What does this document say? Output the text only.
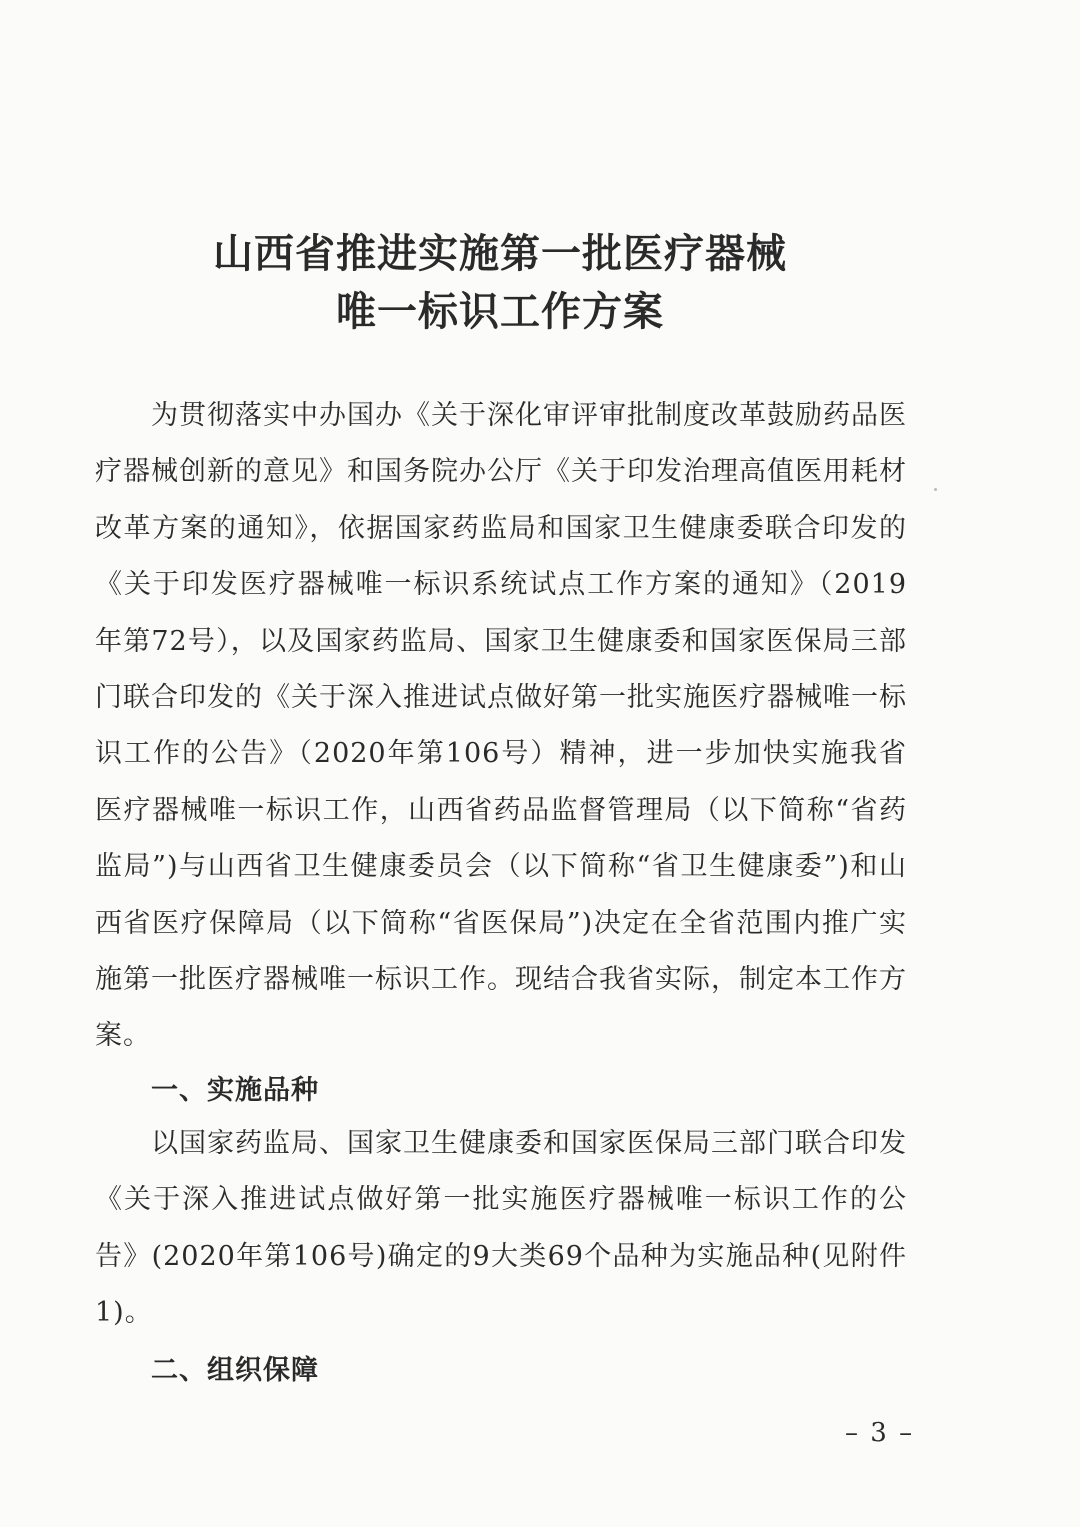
山西省推进实施第一批医疗器械
唯一标识工作方案
为贯彻落实中办国办《关于深化审评审批制度改革鼓励药品医疗器械创新的意见》和国务院办公厅《关于印发治理高值医用耗材改革方案的通知》，依据国家药监局和国家卫生健康委联合印发的《关于印发医疗器械唯一标识系统试点工作方案的通知》（2019年第72号），以及国家药监局、国家卫生健康委和国家医保局三部门联合印发的《关于深入推进试点做好第一批实施医疗器械唯一标识工作的公告》（2020年第106号）精神，进一步加快实施我省医疗器械唯一标识工作，山西省药品监督管理局（以下简称“省药监局”)与山西省卫生健康委员会（以下简称“省卫生健康委”)和山西省医疗保障局（以下简称“省医保局”)决定在全省范围内推广实施第一批医疗器械唯一标识工作。现结合我省实际，制定本工作方案。
一、实施品种
以国家药监局、国家卫生健康委和国家医保局三部门联合印发《关于深入推进试点做好第一批实施医疗器械唯一标识工作的公告》(2020年第106号)确定的9大类69个品种为实施品种(见附件1)。
二、组织保障
– 3 –
